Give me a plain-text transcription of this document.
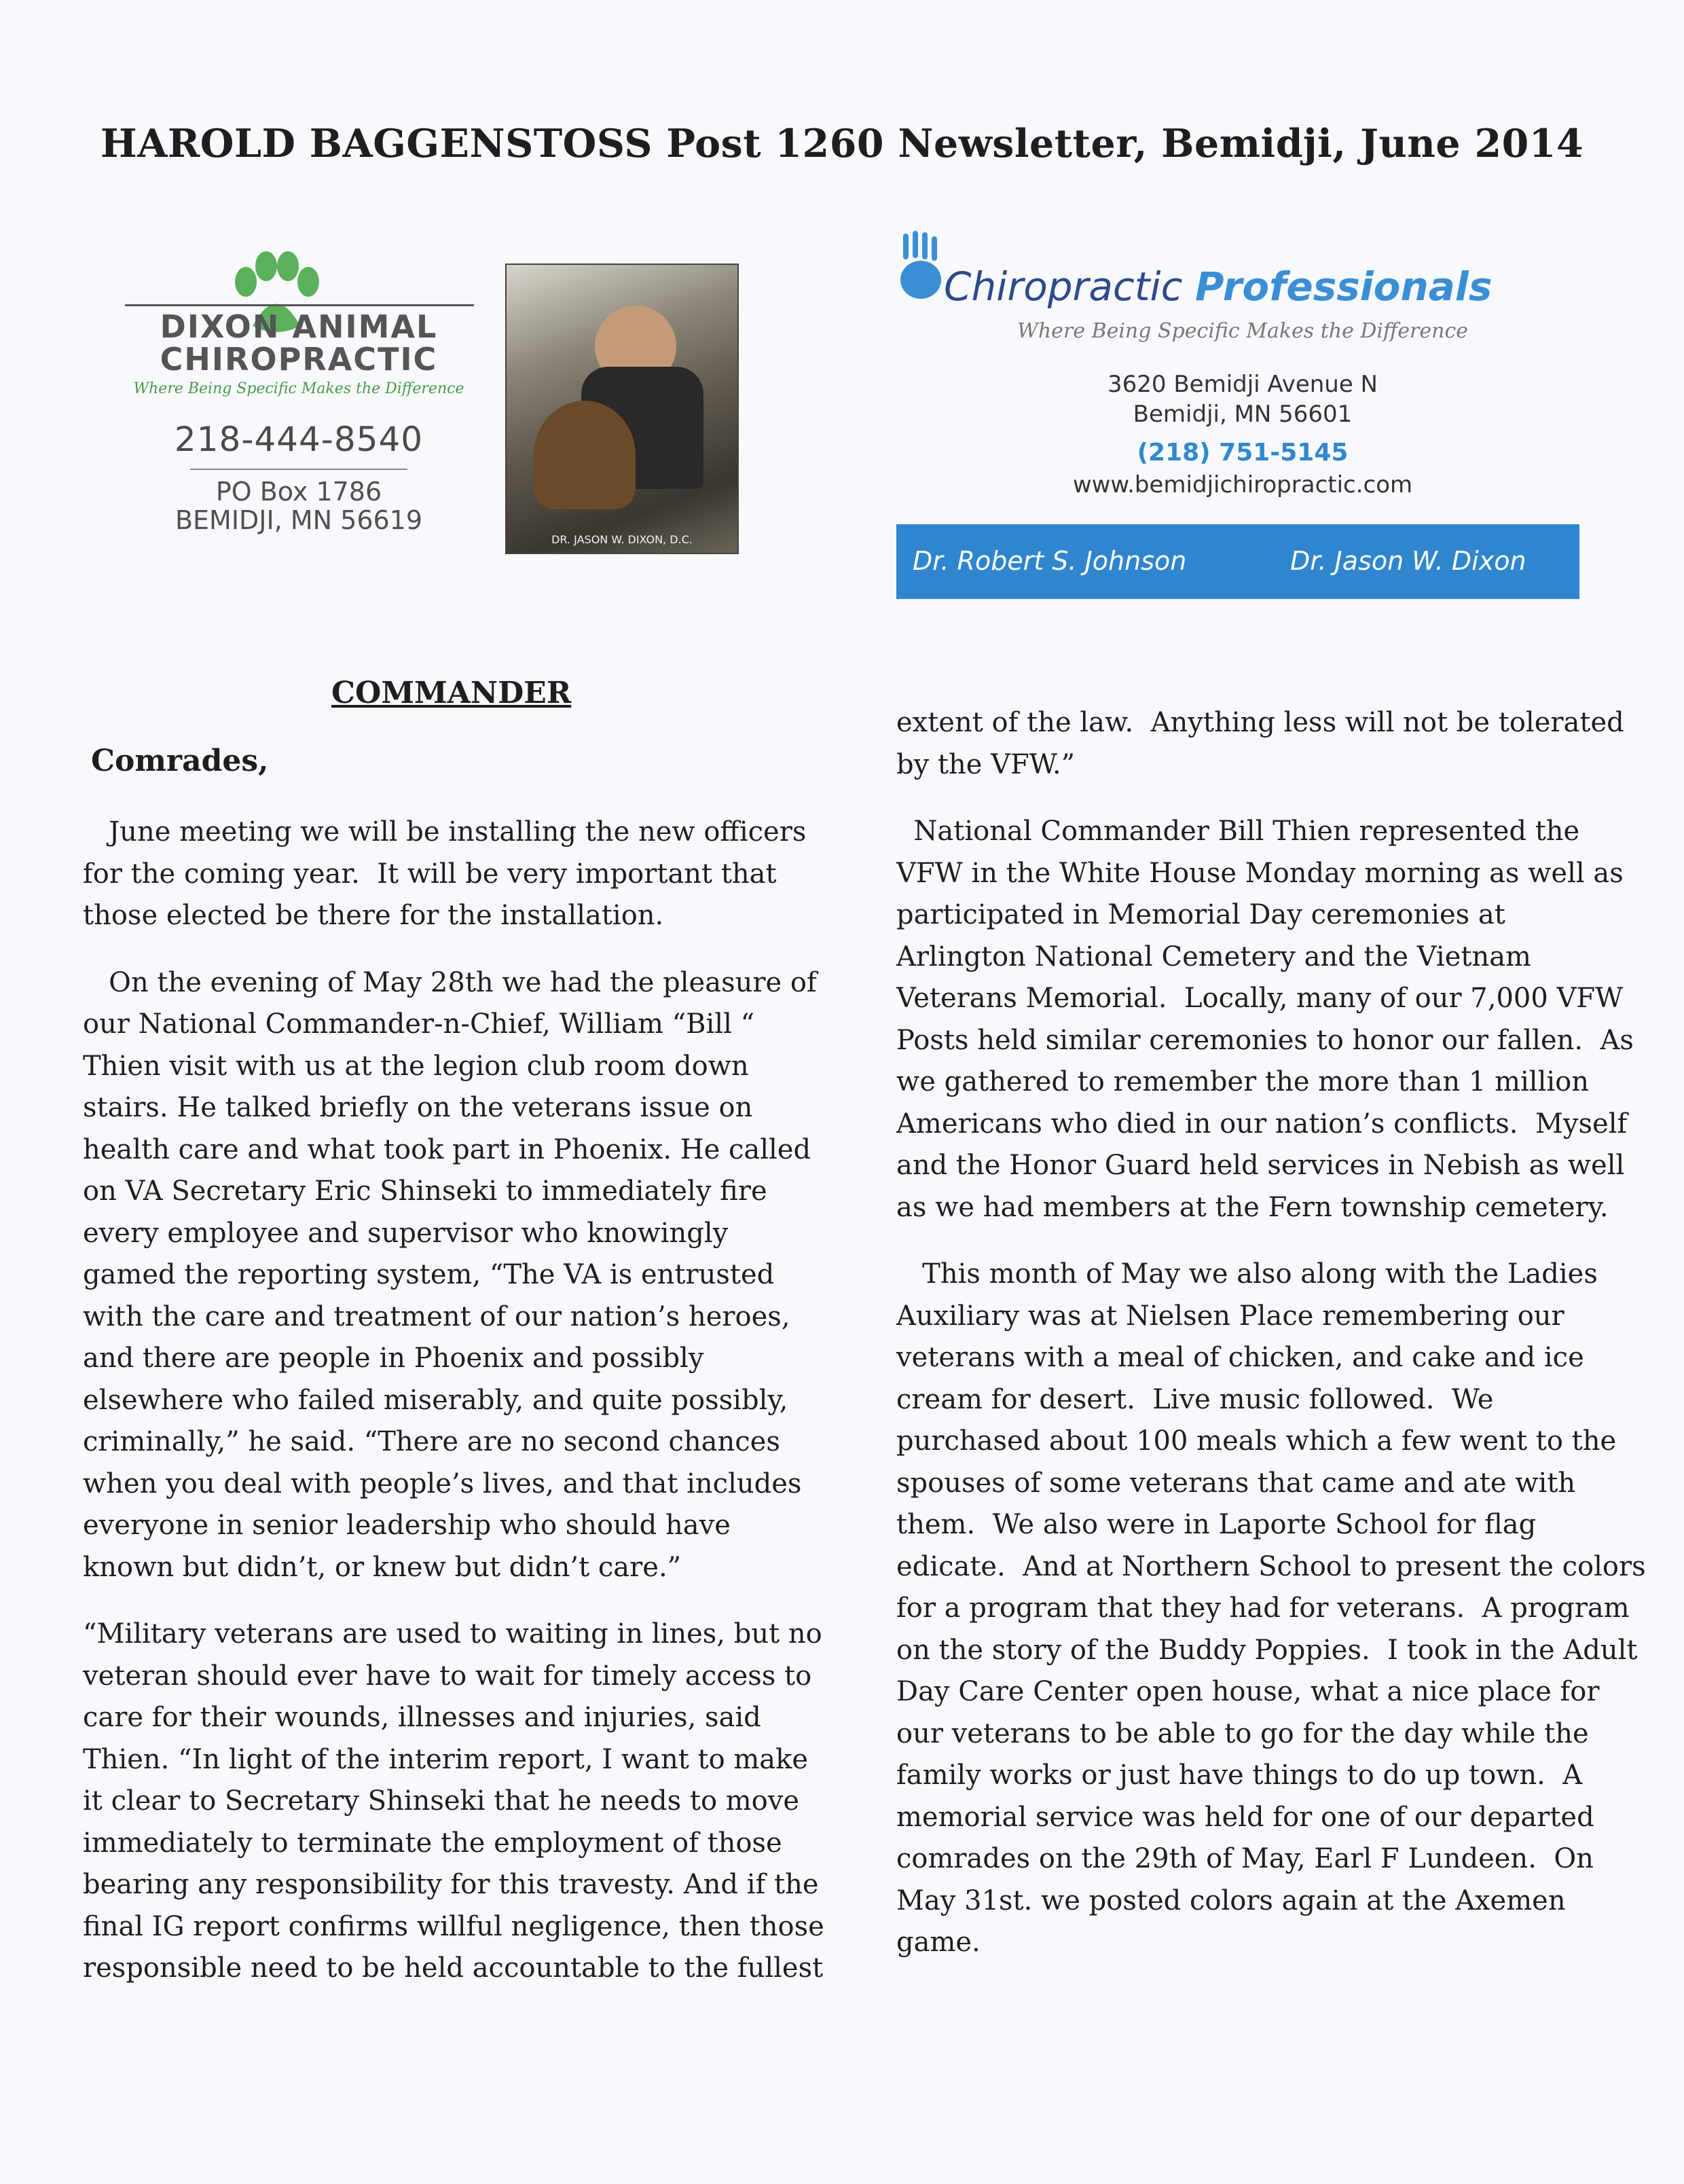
HAROLD BAGGENSTOSS Post 1260 Newsletter, Bemidji, June 2014
DIXON ANIMAL
CHIROPRACTIC
Where Being Specific Makes the Difference
218-444-8540
PO Box 1786
BEMIDJI, MN 56619
DR. JASON W. DIXON, D.C.
Chiropractic Professionals
Where Being Specific Makes the Difference
3620 Bemidji Avenue N
Bemidji, MN 56601
(218) 751-5145
www.bemidjichiropractic.com
Dr. Robert S. Johnson	Dr. Jason W. Dixon
COMMANDER
Comrades,

June meeting we will be installing the new officers
for the coming year.  It will be very important that
those elected be there for the installation.

On the evening of May 28th we had the pleasure of
our National Commander-n-Chief, William “Bill “
Thien visit with us at the legion club room down
stairs. He talked briefly on the veterans issue on
health care and what took part in Phoenix. He called
on VA Secretary Eric Shinseki to immediately fire
every employee and supervisor who knowingly
gamed the reporting system, “The VA is entrusted
with the care and treatment of our nation’s heroes,
and there are people in Phoenix and possibly
elsewhere who failed miserably, and quite possibly,
criminally,” he said. “There are no second chances
when you deal with people’s lives, and that includes
everyone in senior leadership who should have
known but didn’t, or knew but didn’t care.”

“Military veterans are used to waiting in lines, but no
veteran should ever have to wait for timely access to
care for their wounds, illnesses and injuries, said
Thien. “In light of the interim report, I want to make
it clear to Secretary Shinseki that he needs to move
immediately to terminate the employment of those
bearing any responsibility for this travesty. And if the
final IG report confirms willful negligence, then those
responsible need to be held accountable to the fullest

extent of the law.  Anything less will not be tolerated
by the VFW.”

National Commander Bill Thien represented the
VFW in the White House Monday morning as well as
participated in Memorial Day ceremonies at
Arlington National Cemetery and the Vietnam
Veterans Memorial.  Locally, many of our 7,000 VFW
Posts held similar ceremonies to honor our fallen.  As
we gathered to remember the more than 1 million
Americans who died in our nation’s conflicts.  Myself
and the Honor Guard held services in Nebish as well
as we had members at the Fern township cemetery.

This month of May we also along with the Ladies
Auxiliary was at Nielsen Place remembering our
veterans with a meal of chicken, and cake and ice
cream for desert.  Live music followed.  We
purchased about 100 meals which a few went to the
spouses of some veterans that came and ate with
them.  We also were in Laporte School for flag
edicate.  And at Northern School to present the colors
for a program that they had for veterans.  A program
on the story of the Buddy Poppies.  I took in the Adult
Day Care Center open house, what a nice place for
our veterans to be able to go for the day while the
family works or just have things to do up town.  A
memorial service was held for one of our departed
comrades on the 29th of May, Earl F Lundeen.  On
May 31st. we posted colors again at the Axemen
game.
